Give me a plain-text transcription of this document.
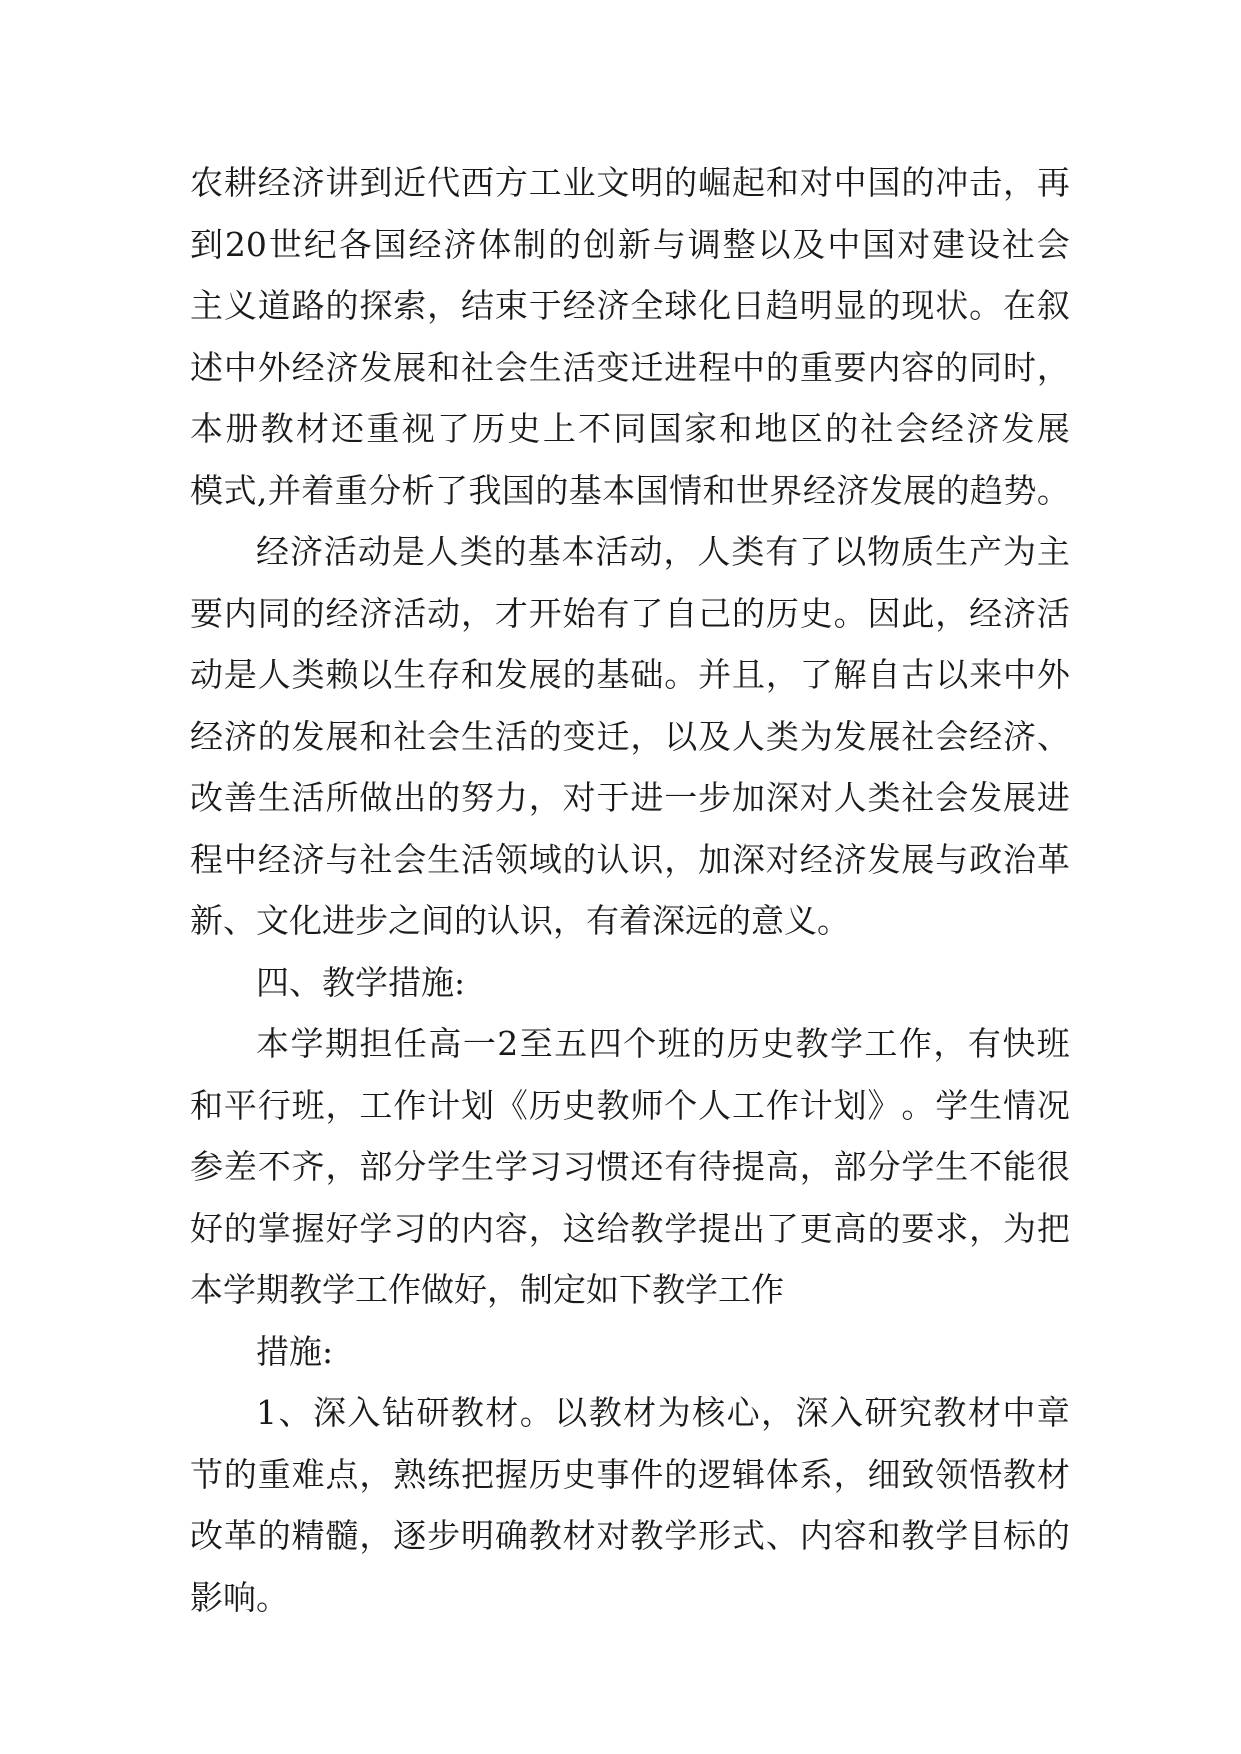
农 耕 经 济 讲 到 近 代 西 方 工 业 文 明 的 崛 起 和 对 中 国 的 冲 击 ， 再
到 20 世 纪 各 国 经 济 体 制 的 创 新 与 调 整 以 及 中 国 对 建 设 社 会
主 义 道 路 的 探 索 ， 结 束 于 经 济 全 球 化 日 趋 明 显 的 现 状 。 在 叙
述 中 外 经 济 发 展 和 社 会 生 活 变 迁 进 程 中 的 重 要 内 容 的 同 时 ，
本 册 教 材 还 重 视 了 历 史 上 不 同 国 家 和 地 区 的 社 会 经 济 发 展
模 式 , 并 着 重 分 析 了 我 国 的 基 本 国 情 和 世 界 经 济 发 展 的 趋 势 。
经 济 活 动 是 人 类 的 基 本 活 动 ， 人 类 有 了 以 物 质 生 产 为 主
要 内 同 的 经 济 活 动 ， 才 开 始 有 了 自 己 的 历 史 。 因 此 ， 经 济 活
动 是 人 类 赖 以 生 存 和 发 展 的 基 础 。 并 且 ， 了 解 自 古 以 来 中 外
经 济 的 发 展 和 社 会 生 活 的 变 迁 ， 以 及 人 类 为 发 展 社 会 经 济 、
改 善 生 活 所 做 出 的 努 力 ， 对 于 进 一 步 加 深 对 人 类 社 会 发 展 进
程 中 经 济 与 社 会 生 活 领 域 的 认 识 ， 加 深 对 经 济 发 展 与 政 治 革
新、文化进步之间的认识，有着深远的意义。
四、教学措施:
本 学 期 担 任 高 一 2 至 五 四 个 班 的 历 史 教 学 工 作 ， 有 快 班
和 平 行 班 ， 工 作 计 划 《 历 史 教 师 个 人 工 作 计 划 》 。 学 生 情 况
参 差 不 齐 ， 部 分 学 生 学 习 习 惯 还 有 待 提 高 ， 部 分 学 生 不 能 很
好 的 掌 握 好 学 习 的 内 容 ， 这 给 教 学 提 出 了 更 高 的 要 求 ， 为 把
本学期教学工作做好，制定如下教学工作
措施:
1 、 深 入 钻 研 教 材 。 以 教 材 为 核 心 ， 深 入 研 究 教 材 中 章
节 的 重 难 点 ， 熟 练 把 握 历 史 事 件 的 逻 辑 体 系 ， 细 致 领 悟 教 材
改 革 的 精 髓 ， 逐 步 明 确 教 材 对 教 学 形 式 、 内 容 和 教 学 目 标 的
影响。
